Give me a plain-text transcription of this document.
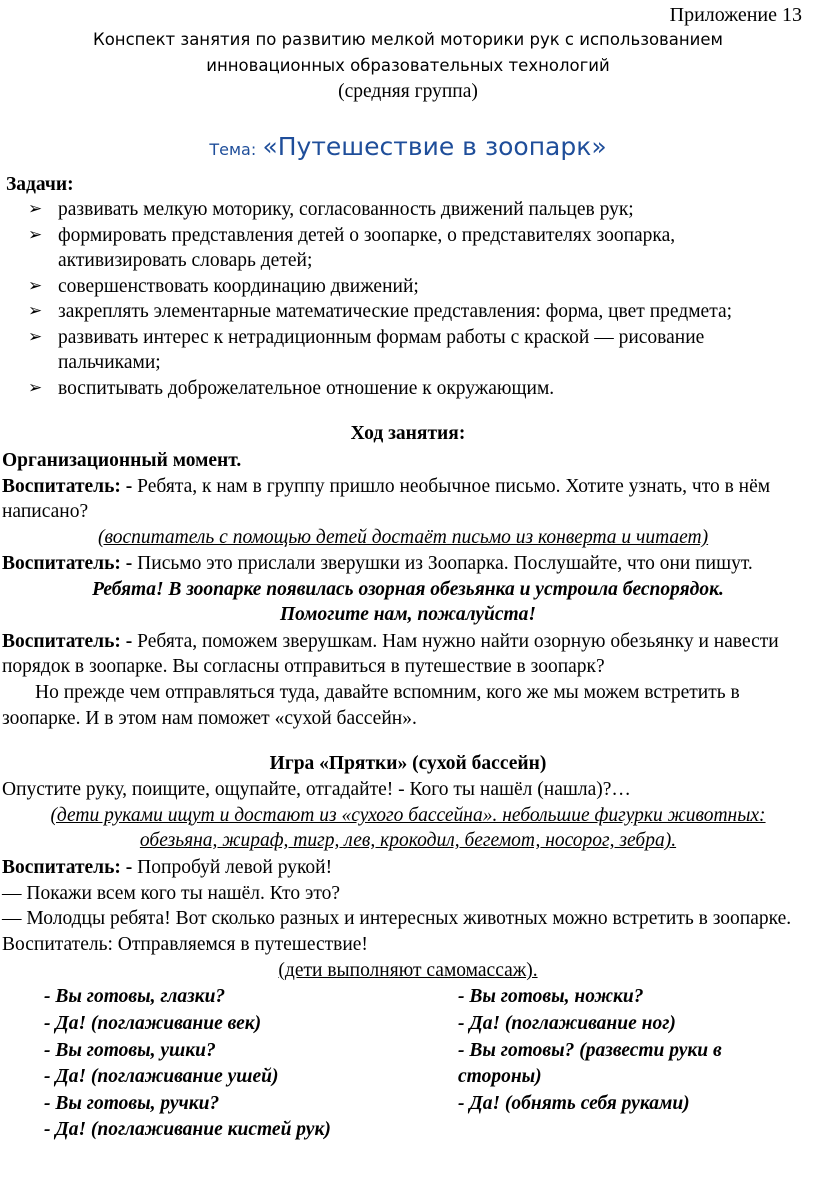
Приложение 13
Конспект занятия по развитию мелкой моторики рук с использованием
инновационных образовательных технологий
(средняя группа)
Тема: «Путешествие в зоопарк»
Задачи:
➢ развивать мелкую моторику, согласованность движений пальцев рук;
➢ формировать представления детей о зоопарке, о представителях зоопарка,
активизировать словарь детей;
➢ совершенствовать координацию движений;
➢ закреплять элементарные математические представления: форма, цвет предмета;
➢ развивать интерес к нетрадиционным формам работы с краской — рисование
пальчиками;
➢ воспитывать доброжелательное отношение к окружающим.
Ход занятия:
Организационный момент.
Воспитатель: - Ребята, к нам в группу пришло необычное письмо. Хотите узнать, что в нём
написано?
(воспитатель с помощью детей достаёт письмо из конверта и читает)
Воспитатель: - Письмо это прислали зверушки из Зоопарка. Послушайте, что они пишут.
Ребята! В зоопарке появилась озорная обезьянка и устроила беспорядок.
Помогите нам, пожалуйста!
Воспитатель: - Ребята, поможем зверушкам. Нам нужно найти озорную обезьянку и навести
порядок в зоопарке. Вы согласны отправиться в путешествие в зоопарк?
Но прежде чем отправляться туда, давайте вспомним, кого же мы можем встретить в
зоопарке. И в этом нам поможет «сухой бассейн».
Игра «Прятки» (сухой бассейн)
Опустите руку, поищите, ощупайте, отгадайте! - Кого ты нашёл (нашла)?…
(дети руками ищут и достают из «сухого бассейна». небольшие фигурки животных:
обезьяна, жираф, тигр, лев, крокодил, бегемот, носорог, зебра).
Воспитатель: - Попробуй левой рукой!
— Покажи всем кого ты нашёл. Кто это?
— Молодцы ребята! Вот сколько разных и интересных животных можно встретить в зоопарке.
Воспитатель: Отправляемся в путешествие!
(дети выполняют самомассаж).
- Вы готовы, глазки?
- Да! (поглаживание век)
- Вы готовы, ушки?
- Да! (поглаживание ушей)
- Вы готовы, ручки?
- Да! (поглаживание кистей рук)
- Вы готовы, ножки?
- Да! (поглаживание ног)
- Вы готовы? (развести руки в
стороны)
- Да! (обнять себя руками)
